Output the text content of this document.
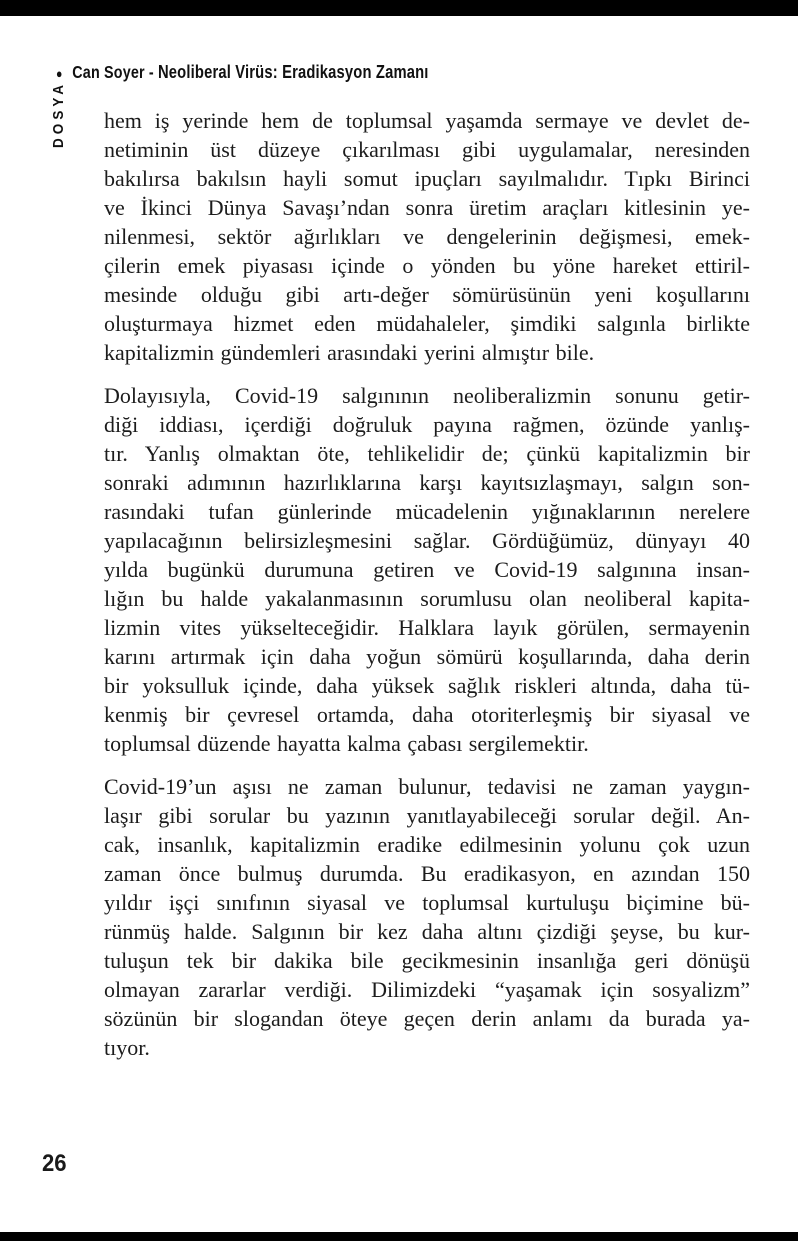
● Can Soyer - Neoliberal Virüs: Eradikasyon Zamanı
DOSYA hem iş yerinde hem de toplumsal yaşamda sermaye ve devlet de-
netiminin üst düzeye çıkarılması gibi uygulamalar, neresinden
bakılırsa bakılsın hayli somut ipuçları sayılmalıdır. Tıpkı Birinci
ve İkinci Dünya Savaşı’ndan sonra üretim araçları kitlesinin ye-
nilenmesi, sektör ağırlıkları ve dengelerinin değişmesi, emek-
çilerin emek piyasası içinde o yönden bu yöne hareket ettiril-
mesinde olduğu gibi artı-değer sömürüsünün yeni koşullarını
oluşturmaya hizmet eden müdahaleler, şimdiki salgınla birlikte
kapitalizmin gündemleri arasındaki yerini almıştır bile.
Dolayısıyla, Covid-19 salgınının neoliberalizmin sonunu getir-
diği iddiası, içerdiği doğruluk payına rağmen, özünde yanlış-
tır. Yanlış olmaktan öte, tehlikelidir de; çünkü kapitalizmin bir
sonraki adımının hazırlıklarına karşı kayıtsızlaşmayı, salgın son-
rasındaki tufan günlerinde mücadelenin yığınaklarının nerelere
yapılacağının belirsizleşmesini sağlar. Gördüğümüz, dünyayı 40
yılda bugünkü durumuna getiren ve Covid-19 salgınına insan-
lığın bu halde yakalanmasının sorumlusu olan neoliberal kapita-
lizmin vites yükselteceğidir. Halklara layık görülen, sermayenin
karını artırmak için daha yoğun sömürü koşullarında, daha derin
bir yoksulluk içinde, daha yüksek sağlık riskleri altında, daha tü-
kenmiş bir çevresel ortamda, daha otoriterleşmiş bir siyasal ve
toplumsal düzende hayatta kalma çabası sergilemektir.
Covid-19’un aşısı ne zaman bulunur, tedavisi ne zaman yaygın-
laşır gibi sorular bu yazının yanıtlayabileceği sorular değil. An-
cak, insanlık, kapitalizmin eradike edilmesinin yolunu çok uzun
zaman önce bulmuş durumda. Bu eradikasyon, en azından 150
yıldır işçi sınıfının siyasal ve toplumsal kurtuluşu biçimine bü-
rünmüş halde. Salgının bir kez daha altını çizdiği şeyse, bu kur-
tuluşun tek bir dakika bile gecikmesinin insanlığa geri dönüşü
olmayan zararlar verdiği. Dilimizdeki “yaşamak için sosyalizm”
sözünün bir slogandan öteye geçen derin anlamı da burada ya-
tıyor.
26
